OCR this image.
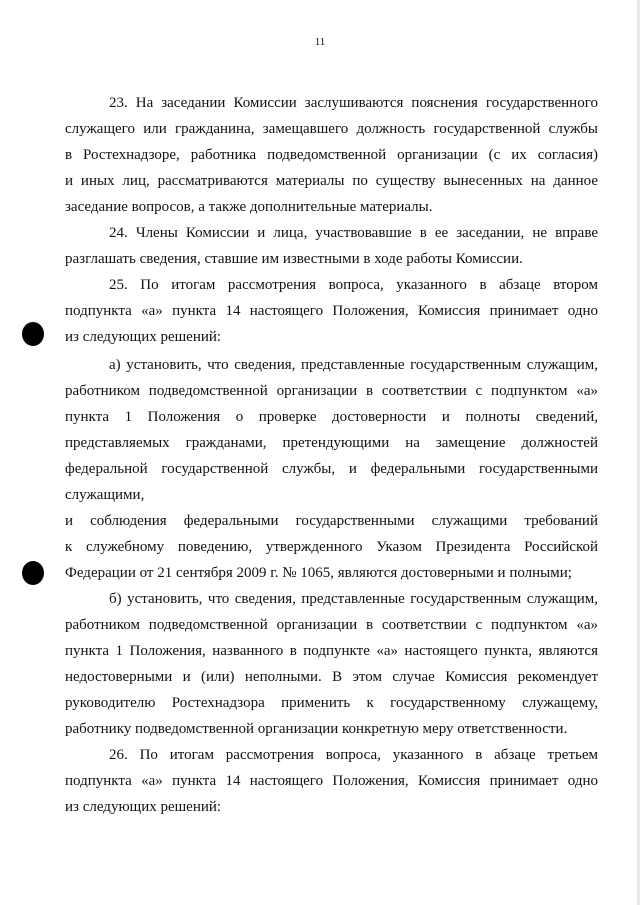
11
23. На заседании Комиссии заслушиваются пояснения государственного
служащего или гражданина, замещавшего должность государственной службы
в Ростехнадзоре, работника подведомственной организации (с их согласия)
и иных лиц, рассматриваются материалы по существу вынесенных на данное
заседание вопросов, а также дополнительные материалы.
24. Члены Комиссии и лица, участвовавшие в ее заседании, не вправе
разглашать сведения, ставшие им известными в ходе работы Комиссии.
25. По итогам рассмотрения вопроса, указанного в абзаце втором
подпункта «а» пункта 14 настоящего Положения, Комиссия принимает одно
из следующих решений:
а) установить, что сведения, представленные государственным служащим,
работником подведомственной организации в соответствии с подпунктом «а»
пункта 1 Положения о проверке достоверности и полноты сведений,
представляемых гражданами, претендующими на замещение должностей
федеральной государственной службы, и федеральными государственными
служащими,
и соблюдения федеральными государственными служащими требований
к служебному поведению, утвержденного Указом Президента Российской
Федерации от 21 сентября 2009 г. № 1065, являются достоверными и полными;
б) установить, что сведения, представленные государственным служащим,
работником подведомственной организации в соответствии с подпунктом «а»
пункта 1 Положения, названного в подпункте «а» настоящего пункта, являются
недостоверными и (или) неполными. В этом случае Комиссия рекомендует
руководителю Ростехнадзора применить к государственному служащему,
работнику подведомственной организации конкретную меру ответственности.
26. По итогам рассмотрения вопроса, указанного в абзаце третьем
подпункта «а» пункта 14 настоящего Положения, Комиссия принимает одно
из следующих решений:
